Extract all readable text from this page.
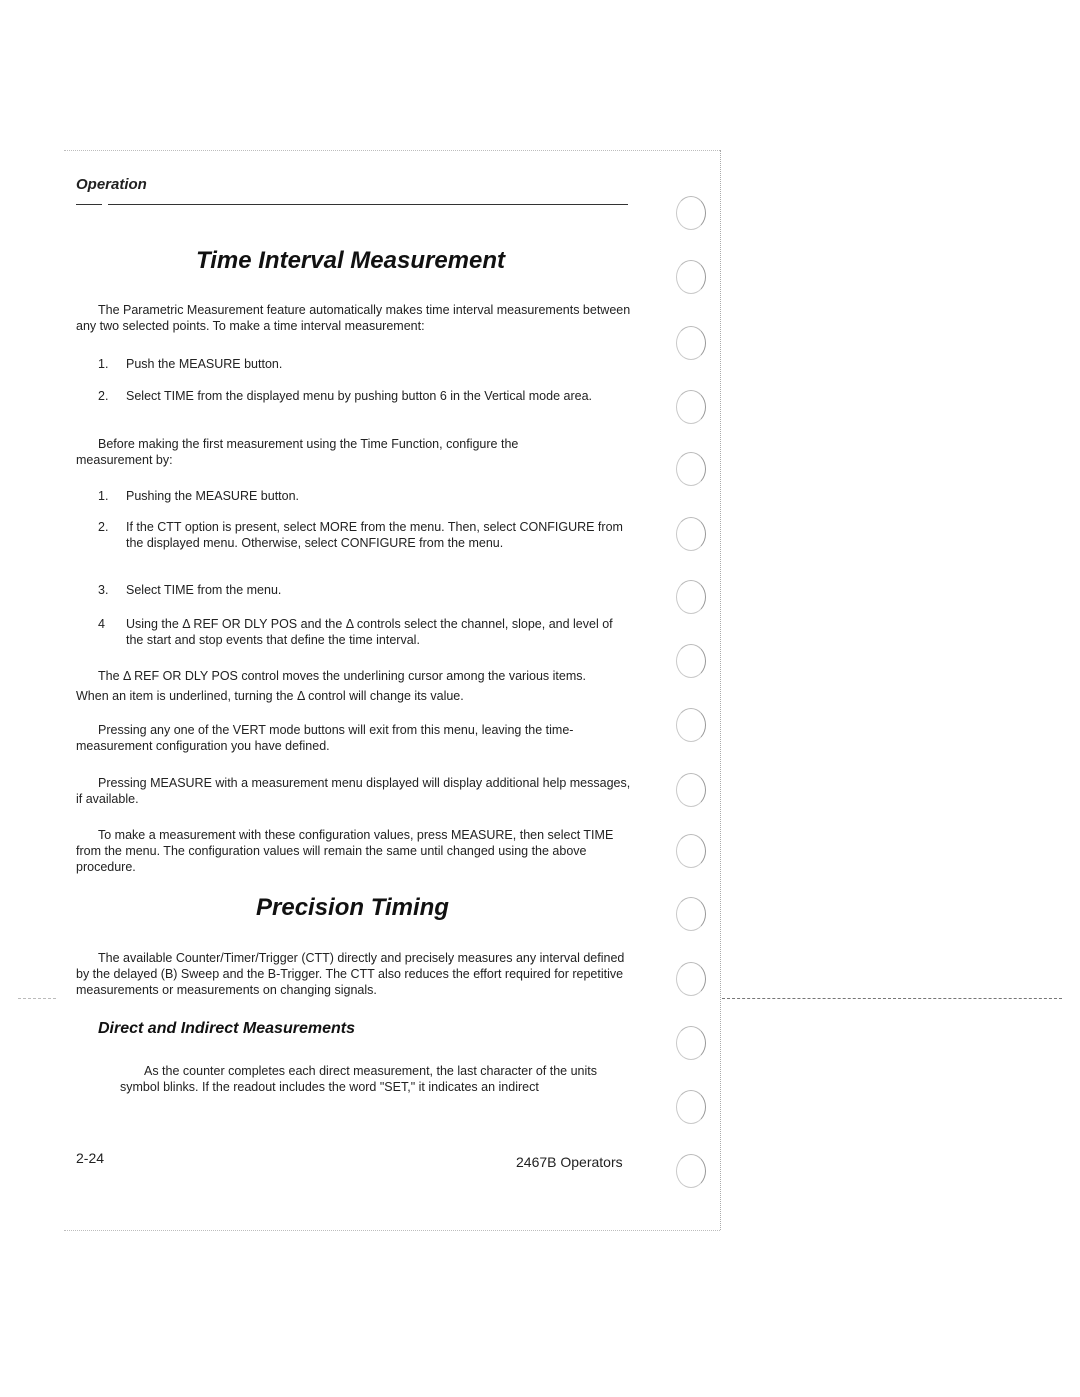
Operation
Time Interval Measurement
The Parametric Measurement feature automatically makes time interval measurements between any two selected points. To make a time interval measurement:
1. Push the MEASURE button.
2. Select TIME from the displayed menu by pushing button 6 in the Vertical mode area.
Before making the first measurement using the Time Function, configure the measurement by:
1. Pushing the MEASURE button.
2. If the CTT option is present, select MORE from the menu. Then, select CONFIGURE from the displayed menu. Otherwise, select CONFIGURE from the menu.
3. Select TIME from the menu.
4 Using the Δ REF OR DLY POS and the Δ controls select the channel, slope, and level of the start and stop events that define the time interval.
The Δ REF OR DLY POS control moves the underlining cursor among the various items. When an item is underlined, turning the Δ control will change its value.
Pressing any one of the VERT mode buttons will exit from this menu, leaving the time-measurement configuration you have defined.
Pressing MEASURE with a measurement menu displayed will display additional help messages, if available.
To make a measurement with these configuration values, press MEASURE, then select TIME from the menu. The configuration values will remain the same until changed using the above procedure.
Precision Timing
The available Counter/Timer/Trigger (CTT) directly and precisely measures any interval defined by the delayed (B) Sweep and the B-Trigger. The CTT also reduces the effort required for repetitive measurements or measurements on changing signals.
Direct and Indirect Measurements
As the counter completes each direct measurement, the last character of the units symbol blinks. If the readout includes the word "SET," it indicates an indirect
2-24	2467B Operators
